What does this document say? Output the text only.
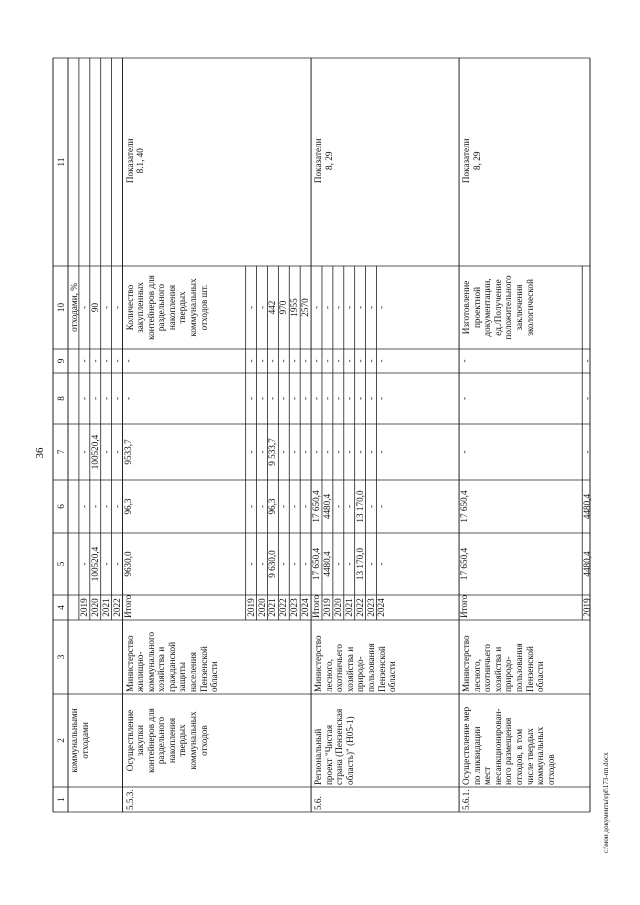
36
1
2
3
4
5
6
7
8
9
10
11
2019
-
-
-
-
-
-
2020
100520,4
-
100520,4
-
-
90
2021
-
-
-
-
-
-
2022
-
-
-
-
-
-
коммунальными
отходами
отходами, %
Итого
9630,0
96,3
9533,7
-
-
2019
-
-
-
-
-
-
2020
-
-
-
-
-
-
2021
9 630,0
96,3
9 533,7
-
-
442
2022
-
-
-
-
-
970
2023
-
-
-
-
-
1955
2024
-
-
-
-
-
2570
Количество
закупленных
контейнеров для
раздельного
накопления
твердых
коммунальных
отходов шт.
5.5.3.
Осуществление
закупки
контейнеров для
раздельного
накопления
твердых
коммунальных
отходов
Министерство
жилищно-
коммунального
хозяйства и
гражданской
защиты
населения
Пензенской
области
Показатели
8.1, 40
Итого
17 650,4
17 650,4
-
-
-
-
2019
4480,4
4480,4
-
-
-
-
2020
-
-
-
-
-
-
2021
-
-
-
-
-
-
2022
13 170,0
13 170,0
-
-
-
-
2023
-
-
-
-
-
-
2024
-
-
-
-
-
-
5.6.
Региональный
проект "Чистая
страна (Пензенская
область)" (Н05-1)
Министерство
лесного,
охотничьего
хозяйства и
природо-
пользования
Пензенской
области
Показатели
8, 29
Итого
17 650,4
17 650,4
-
-
-
2019
4480,4
4480,4
-
-
-
Изготовление
проектной
документации,
ед./Получение
положительного
заключения
экологической
5.6.1.
Осуществление мер
по ликвидации
мест
несанкционирован-
ного размещения
отходов, в том
числе твердых
коммунальных
отходов
Министерство
лесного,
охотничьего
хозяйства и
природо-
пользования
Пензенской
области
Показатели
8, 29
c:\мои документы\rpl\173-пп.docx
